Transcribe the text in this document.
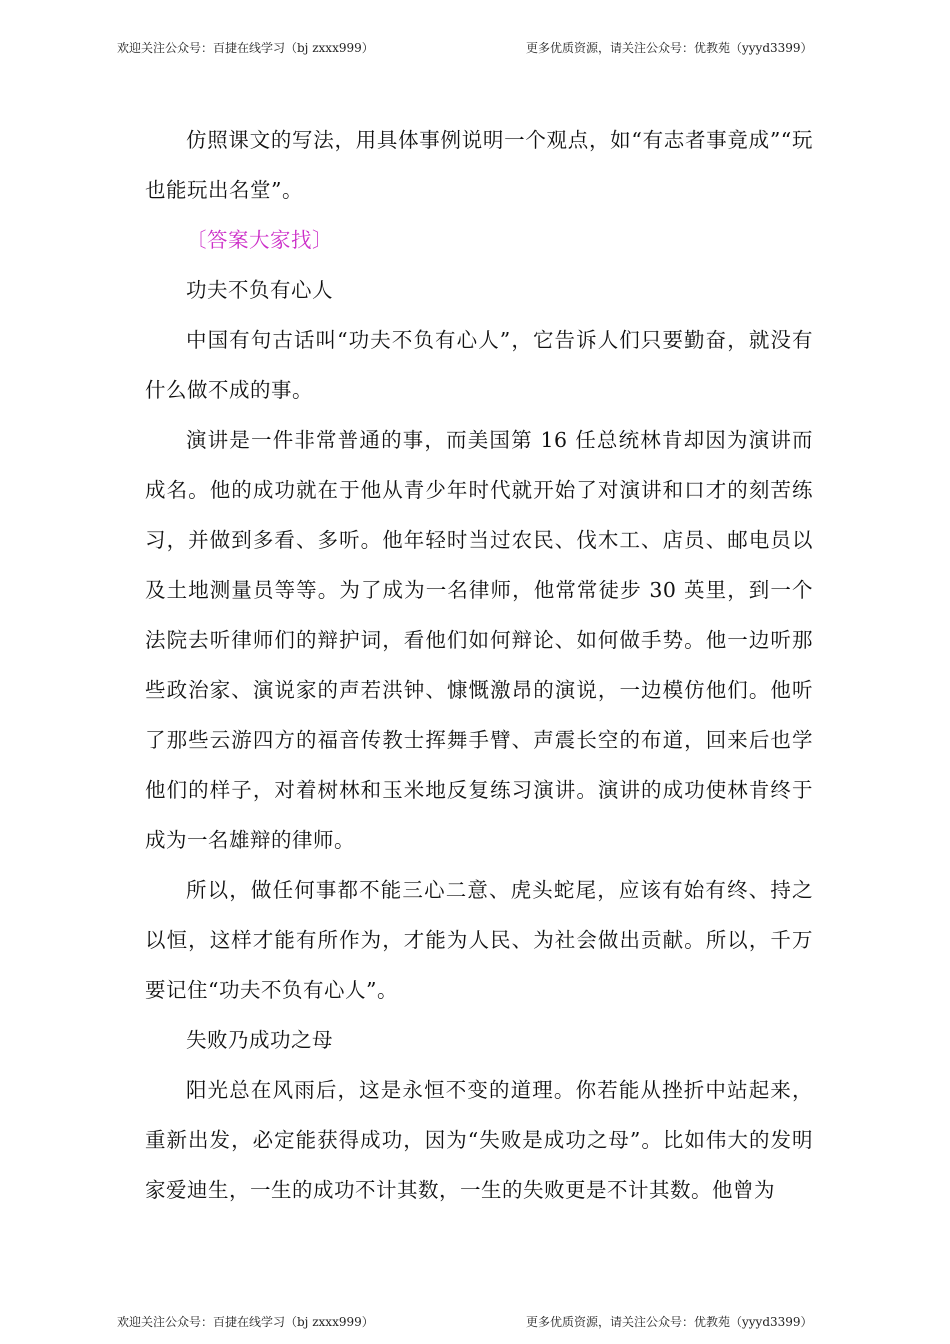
欢迎关注公众号：百捷在线学习（bj zxxx999）	更多优质资源，请关注公众号：优教苑（yyyd3399）

仿照课文的写法，用具体事例说明一个观点，如“有志者事竟成”“玩也能玩出名堂”。

〔答案大家找〕

功夫不负有心人

中国有句古话叫“功夫不负有心人”，它告诉人们只要勤奋，就没有什么做不成的事。

演讲是一件非常普通的事，而美国第 16 任总统林肯却因为演讲而成名。他的成功就在于他从青少年时代就开始了对演讲和口才的刻苦练习，并做到多看、多听。他年轻时当过农民、伐木工、店员、邮电员以及土地测量员等等。为了成为一名律师，他常常徒步 30 英里，到一个法院去听律师们的辩护词，看他们如何辩论、如何做手势。他一边听那些政治家、演说家的声若洪钟、慷慨激昂的演说，一边模仿他们。他听了那些云游四方的福音传教士挥舞手臂、声震长空的布道，回来后也学他们的样子，对着树林和玉米地反复练习演讲。演讲的成功使林肯终于成为一名雄辩的律师。

所以，做任何事都不能三心二意、虎头蛇尾，应该有始有终、持之以恒，这样才能有所作为，才能为人民、为社会做出贡献。所以，千万要记住“功夫不负有心人”。

失败乃成功之母

阳光总在风雨后，这是永恒不变的道理。你若能从挫折中站起来，重新出发，必定能获得成功，因为“失败是成功之母”。比如伟大的发明家爱迪生，一生的成功不计其数，一生的失败更是不计其数。他曾为

欢迎关注公众号：百捷在线学习（bj zxxx999）	更多优质资源，请关注公众号：优教苑（yyyd3399）
